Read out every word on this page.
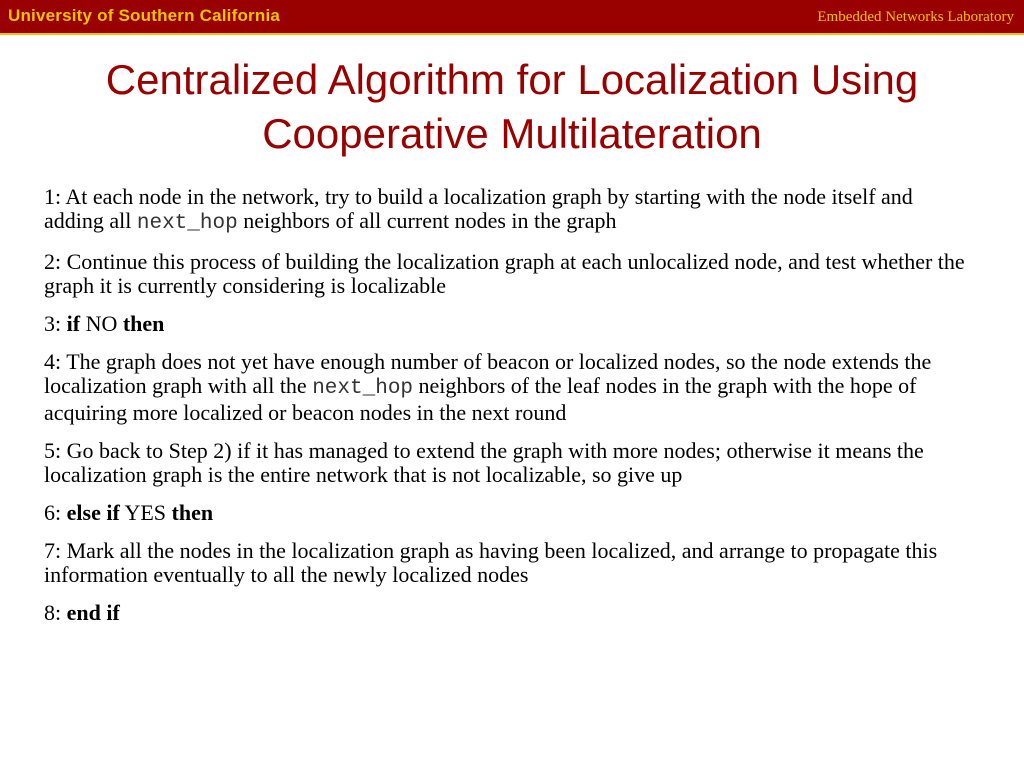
University of Southern California	Embedded Networks Laboratory
Centralized Algorithm for Localization Using
Cooperative Multilateration

1: At each node in the network, try to build a localization graph by starting with the node itself and adding all next_hop neighbors of all current nodes in the graph

2: Continue this process of building the localization graph at each unlocalized node, and test whether the graph it is currently considering is localizable

3: if NO then

4: The graph does not yet have enough number of beacon or localized nodes, so the node extends the localization graph with all the next_hop neighbors of the leaf nodes in the graph with the hope of acquiring more localized or beacon nodes in the next round

5: Go back to Step 2) if it has managed to extend the graph with more nodes; otherwise it means the localization graph is the entire network that is not localizable, so give up

6: else if YES then

7: Mark all the nodes in the localization graph as having been localized, and arrange to propagate this information eventually to all the newly localized nodes

8: end if
